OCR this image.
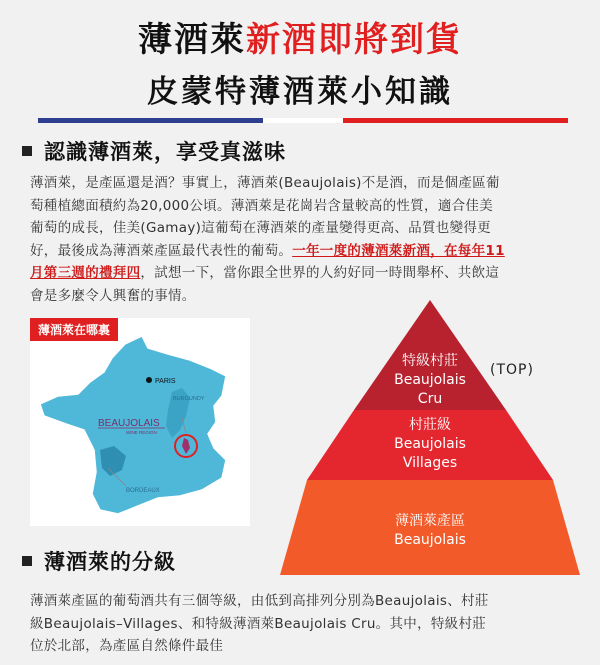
薄酒萊新酒即將到貨
皮蒙特薄酒萊小知識
認識薄酒萊，享受真滋味
薄酒萊，是產區還是酒？事實上，薄酒萊(Beaujolais)不是酒，而是個產區葡
萄種植總面積約為20,000公頃。薄酒萊是花崗岩含量較高的性質，適合佳美
葡萄的成長，佳美(Gamay)這葡萄在薄酒萊的產量變得更高、品質也變得更
好，最後成為薄酒萊產區最代表性的葡萄。一年一度的薄酒萊新酒，在每年11
月第三週的禮拜四，試想一下，當你跟全世界的人約好同一時間舉杯、共飲這
會是多麼令人興奮的事情。
PARIS
BURGUNDY
BEAUJOLAIS
WINE REGION
BORDEAUX
薄酒萊在哪裏
特級村莊
Beaujolais
Cru
村莊級
Beaujolais
Villages
薄酒萊產區
Beaujolais
(TOP)
薄酒萊的分級
薄酒萊產區的葡萄酒共有三個等級，由低到高排列分別為Beaujolais、村莊
級Beaujolais–Villages、和特級薄酒萊Beaujolais Cru。其中，特級村莊
位於北部，為產區自然條件最佳
